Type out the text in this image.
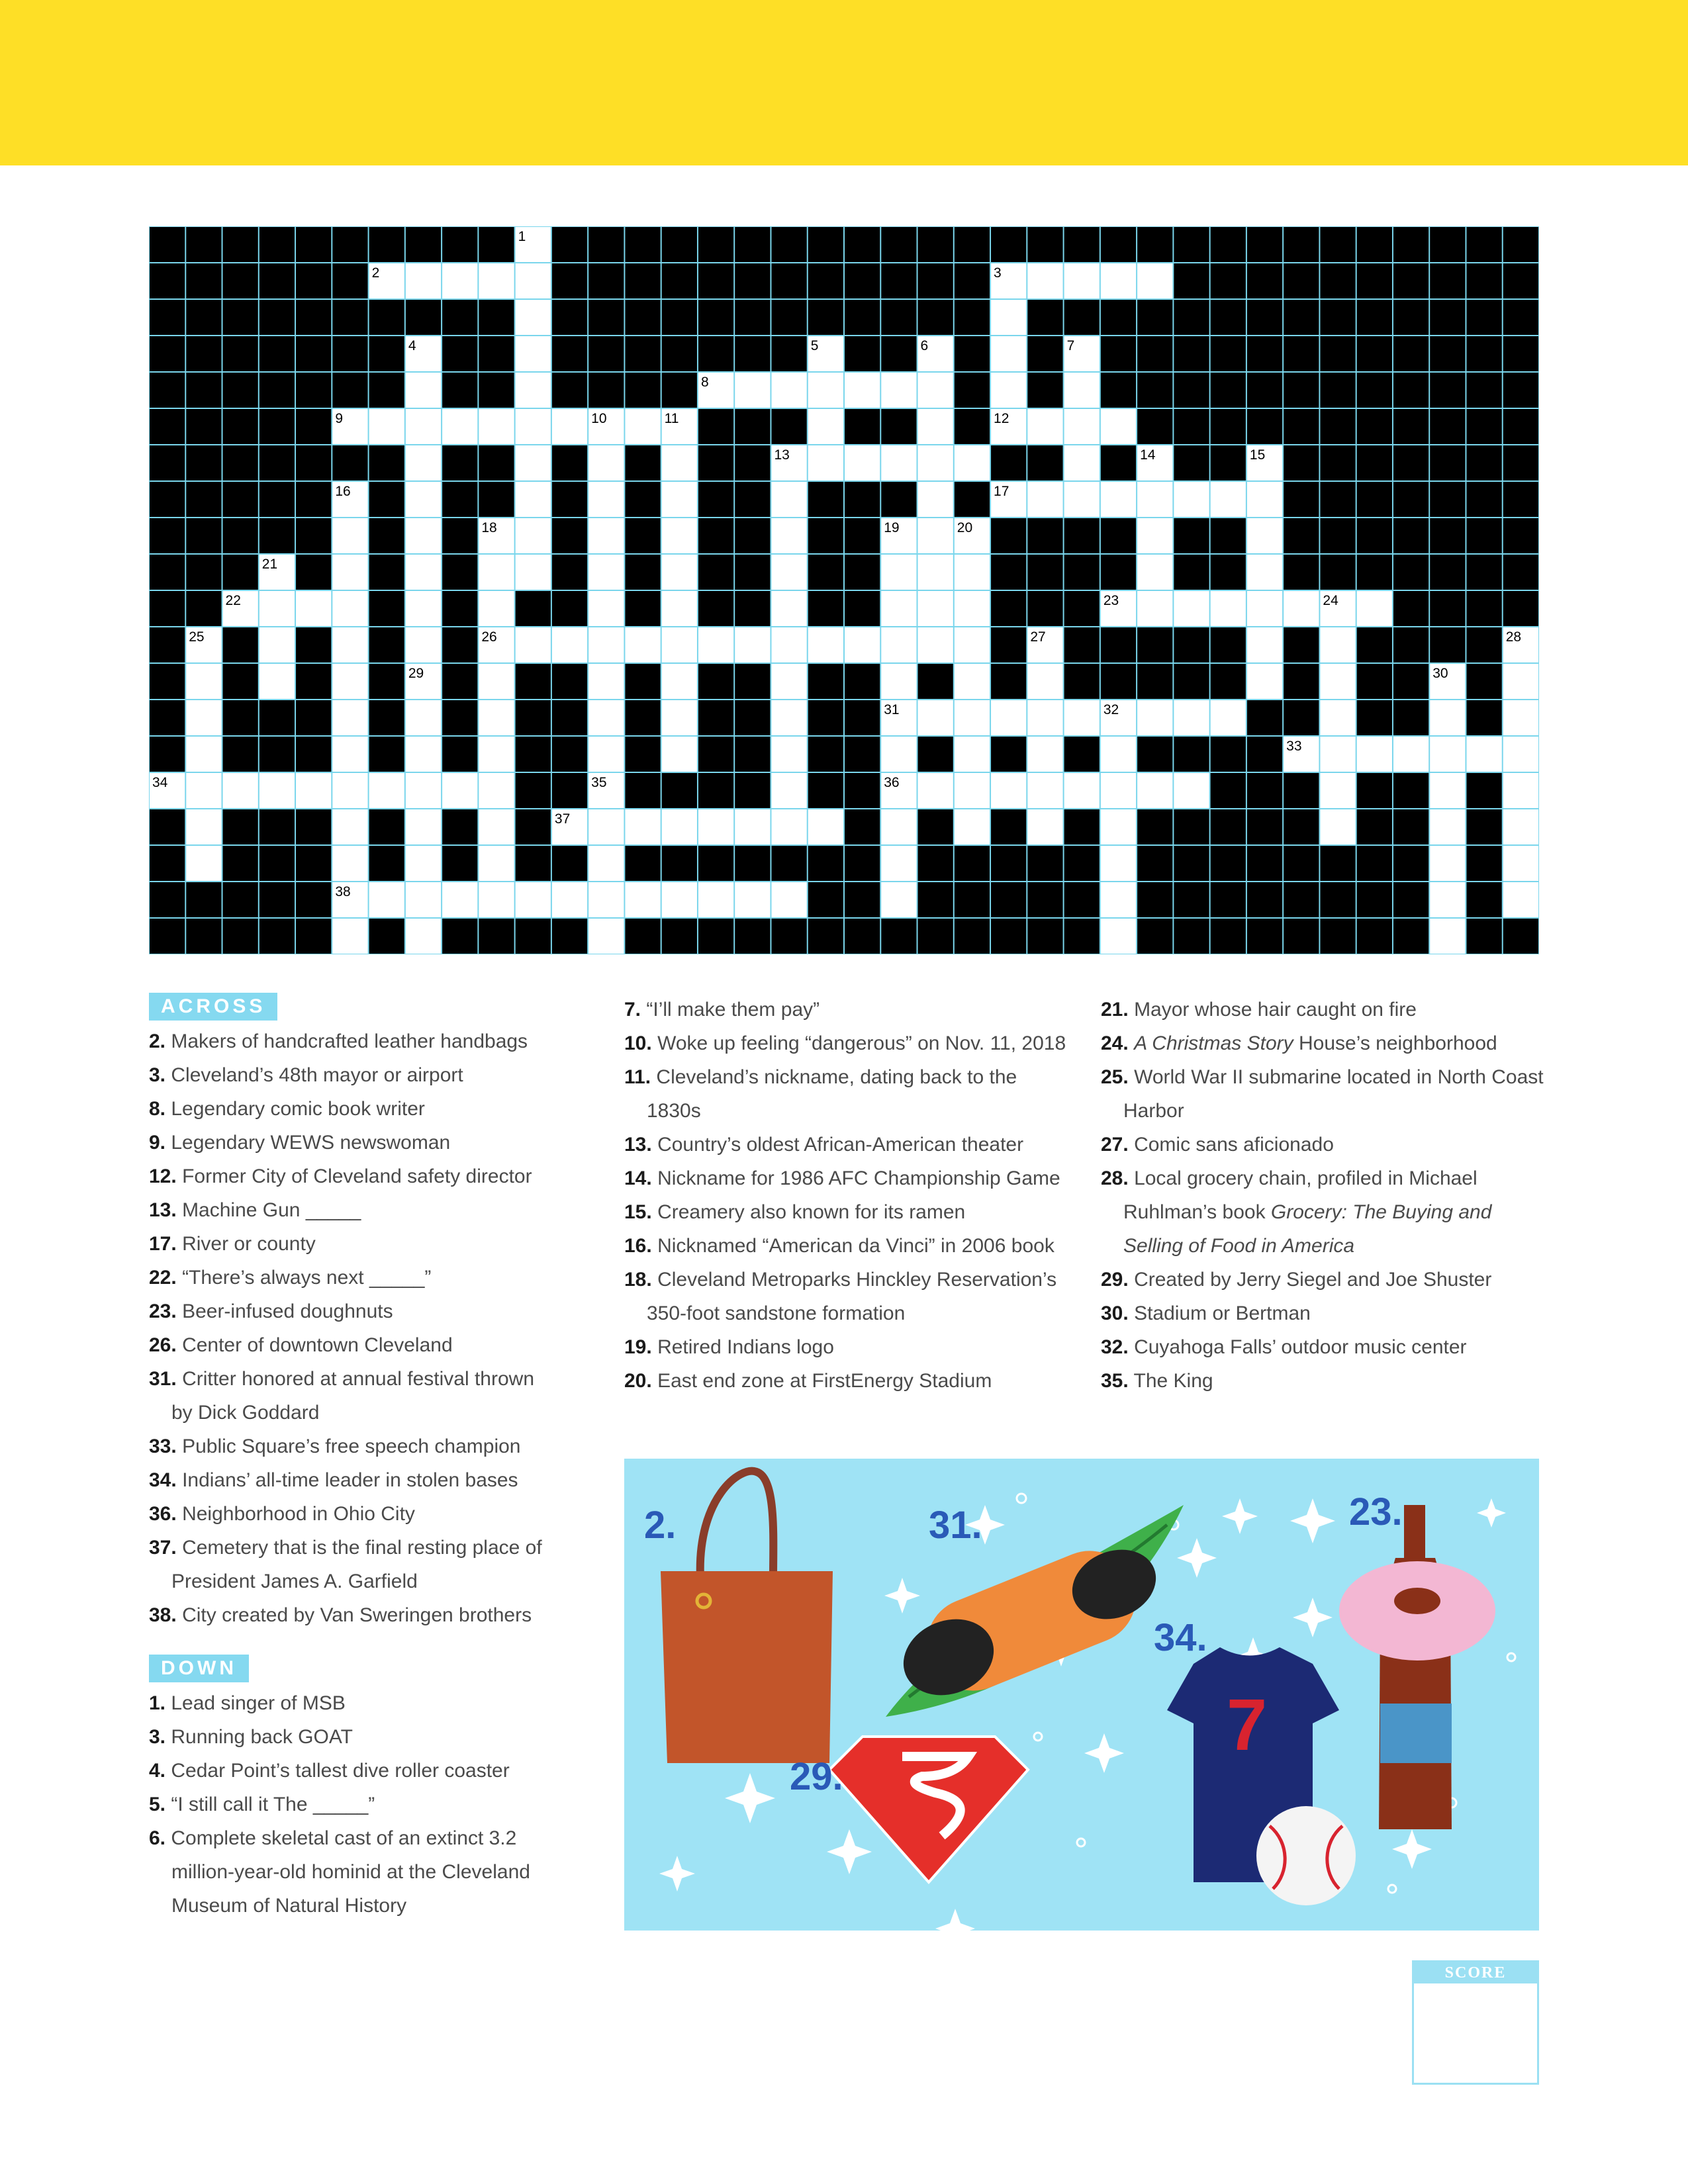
1
2	3
4	5	6	7
8
9	10	11	12
13	14	15
16	17
18	19	20
21
22	23	24
25	26	27	28
29	30
31	32
33
34	35	36
37
38
ACROSS
2. Makers of handcrafted leather handbags
3. Cleveland’s 48th mayor or airport
8. Legendary comic book writer
9. Legendary WEWS newswoman
12. Former City of Cleveland safety director
13. Machine Gun _____
17. River or county
22. “There’s always next _____”
23. Beer-infused doughnuts
26. Center of downtown Cleveland
31. Critter honored at annual festival thrown by Dick Goddard
33. Public Square’s free speech champion
34. Indians’ all-time leader in stolen bases
36. Neighborhood in Ohio City
37. Cemetery that is the final resting place of President James A. Garfield
38. City created by Van Sweringen brothers
DOWN
1. Lead singer of MSB
3. Running back GOAT
4. Cedar Point’s tallest dive roller coaster
5. “I still call it The _____”
6. Complete skeletal cast of an extinct 3.2 million-year-old hominid at the Cleveland Museum of Natural History
7. “I’ll make them pay”
10. Woke up feeling “dangerous” on Nov. 11, 2018
11. Cleveland’s nickname, dating back to the 1830s
13. Country’s oldest African-American theater
14. Nickname for 1986 AFC Championship Game
15. Creamery also known for its ramen
16. Nicknamed “American da Vinci” in 2006 book
18. Cleveland Metroparks Hinckley Reservation’s 350-foot sandstone formation
19. Retired Indians logo
20. East end zone at FirstEnergy Stadium
21. Mayor whose hair caught on fire
24. A Christmas Story House’s neighborhood
25. World War II submarine located in North Coast Harbor
27. Comic sans aficionado
28. Local grocery chain, profiled in Michael Ruhlman’s book Grocery: The Buying and Selling of Food in America
29. Created by Jerry Siegel and Joe Shuster
30. Stadium or Bertman
32. Cuyahoga Falls’ outdoor music center
35. The King
7
2.	31.	23.
34.
29.
SCORE
